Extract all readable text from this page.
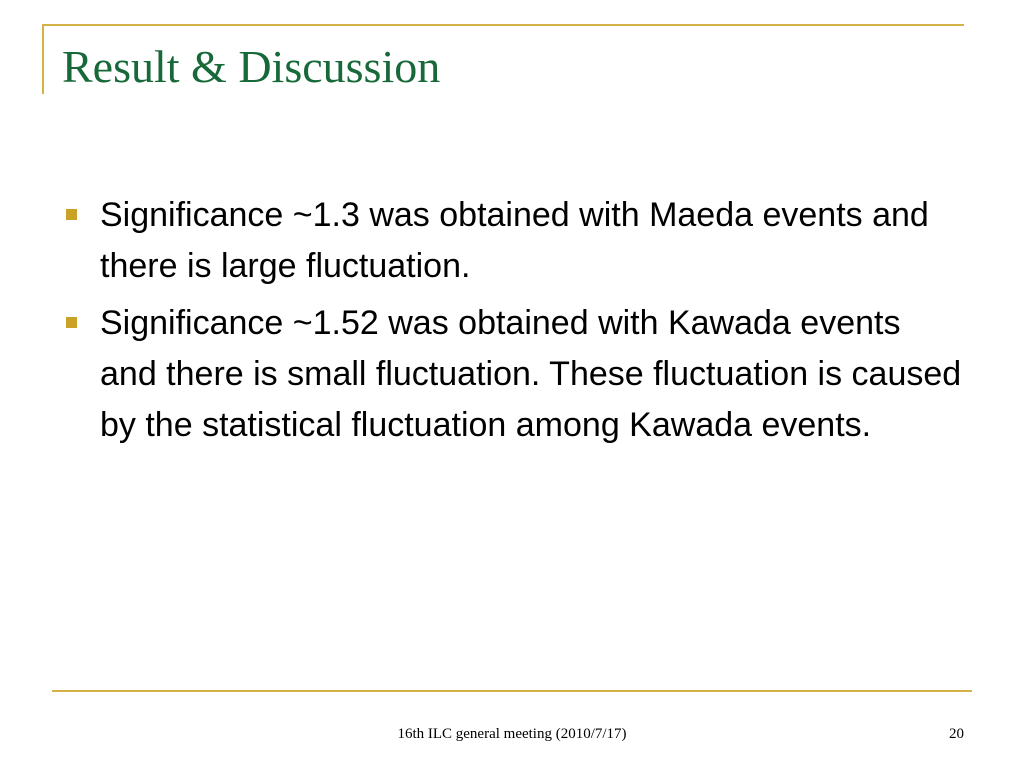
Result & Discussion
Significance ~1.3 was obtained with Maeda events and there is large fluctuation.
Significance ~1.52 was obtained with Kawada events and there is small fluctuation. These fluctuation is caused by the statistical fluctuation among Kawada events.
16th ILC general meeting (2010/7/17)	20
